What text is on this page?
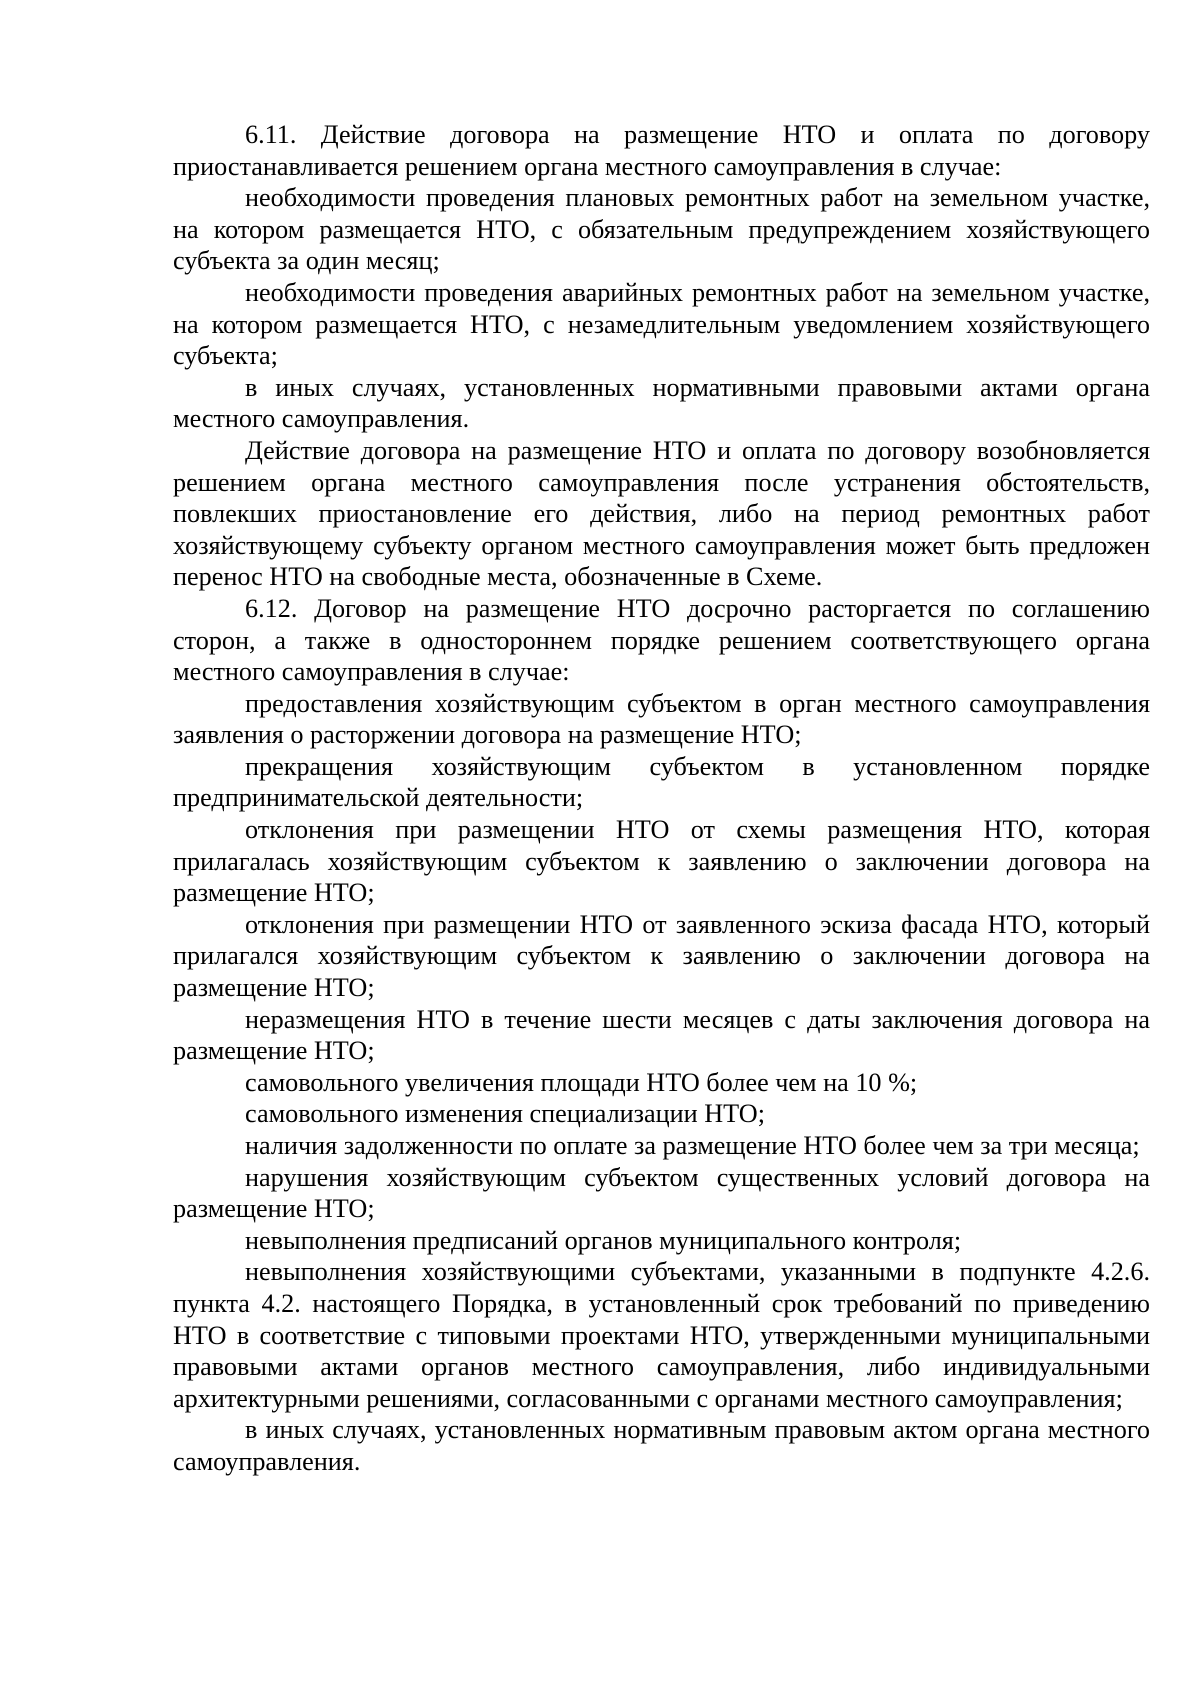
6.11. Действие договора на размещение НТО и оплата по договору приостанавливается решением органа местного самоуправления в случае:

необходимости проведения плановых ремонтных работ на земельном участке, на котором размещается НТО, с обязательным предупреждением хозяйствующего субъекта за один месяц;

необходимости проведения аварийных ремонтных работ на земельном участке, на котором размещается НТО, с незамедлительным уведомлением хозяйствующего субъекта;

в иных случаях, установленных нормативными правовыми актами органа местного самоуправления.

Действие договора на размещение НТО и оплата по договору возобновляется решением органа местного самоуправления после устранения обстоятельств, повлекших приостановление его действия, либо на период ремонтных работ хозяйствующему субъекту органом местного самоуправления может быть предложен перенос НТО на свободные места, обозначенные в Схеме.

6.12. Договор на размещение НТО досрочно расторгается по соглашению сторон, а также в одностороннем порядке решением соответствующего органа местного самоуправления в случае:

предоставления хозяйствующим субъектом в орган местного самоуправления заявления о расторжении договора на размещение НТО;

прекращения хозяйствующим субъектом в установленном порядке предпринимательской деятельности;

отклонения при размещении НТО от схемы размещения НТО, которая прилагалась хозяйствующим субъектом к заявлению о заключении договора на размещение НТО;

отклонения при размещении НТО от заявленного эскиза фасада НТО, который прилагался хозяйствующим субъектом к заявлению о заключении договора на размещение НТО;

неразмещения НТО в течение шести месяцев с даты заключения договора на размещение НТО;

самовольного увеличения площади НТО более чем на 10 %;

самовольного изменения специализации НТО;

наличия задолженности по оплате за размещение НТО более чем за три месяца;

нарушения хозяйствующим субъектом существенных условий договора на размещение НТО;

невыполнения предписаний органов муниципального контроля;

невыполнения хозяйствующими субъектами, указанными в подпункте 4.2.6. пункта 4.2. настоящего Порядка, в установленный срок требований по приведению НТО в соответствие с типовыми проектами НТО, утвержденными муниципальными правовыми актами органов местного самоуправления, либо индивидуальными архитектурными решениями, согласованными с органами местного самоуправления;

в иных случаях, установленных нормативным правовым актом органа местного самоуправления.
